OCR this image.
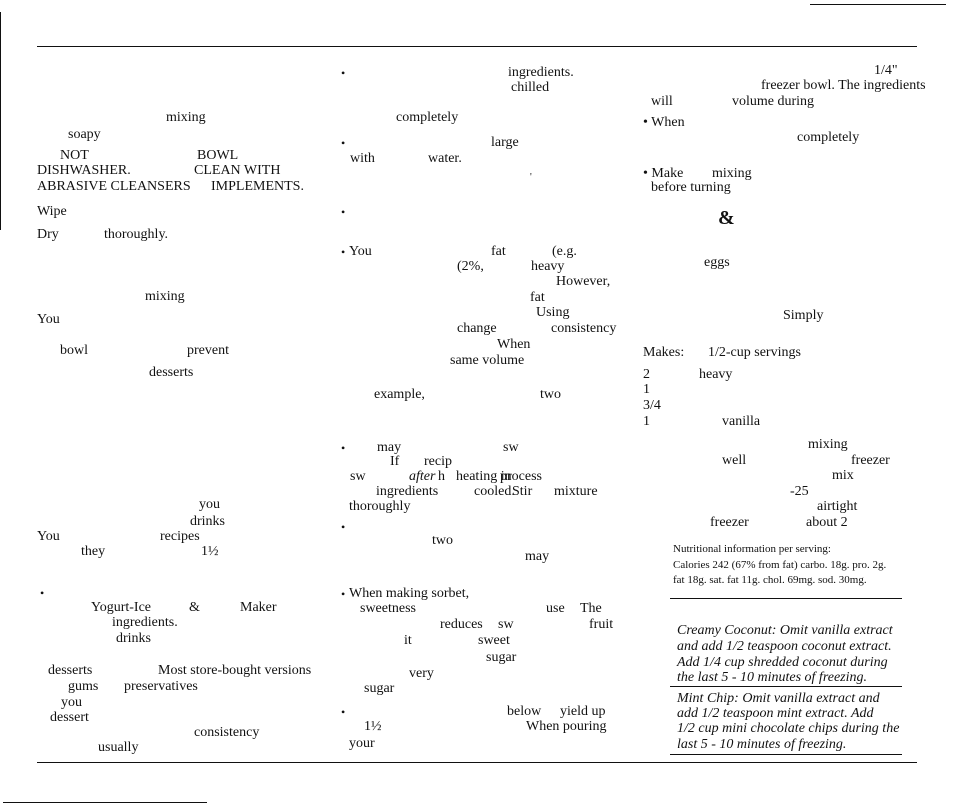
mixing
soapy
NOT	BOWL
DISHWASHER.	CLEAN WITH
ABRASIVE CLEANSERS IMPLEMENTS.
Wipe
Dry	thoroughly.
mixing
You
bowl	prevent
desserts
you
drinks
You	recipes
they	1½
•
Yogurt-Ice	&	Maker
ingredients.
drinks
desserts	Most store-bought versions
gums preservatives
you
dessert
consistency
usually
•	ingredients.
chilled
completely
•	large
with	water.
'
•
• You	fat	(e.g.
(2%,	heavy
However,
fat
Using
change	consistency
When
same volume
example,	two
• may	sw
If recip
sw	after h heating in
process
ingredients	cooled.
Stir mixture
thoroughly
•
two
may
• When making sorbet,
sweetness	use The
reduces sw	fruit
it	sweet
sugar
very
sugar
•	below yield up
1½	When pouring
your
1/4"
freezer bowl. The ingredients
will	volume during
• When
completely
• Make mixing
before turning
&
eggs
Simply
Makes: 1/2-cup servings
2	heavy
1
3/4
1	vanilla
mixing
well	freezer
mix
-25
airtight
freezer	about 2
Nutritional information per serving:
Calories 242 (67% from fat) carbo. 18g. pro. 2g.
fat 18g. sat. fat 11g. chol. 69mg. sod. 30mg.
Creamy Coconut: Omit vanilla extract
and add 1/2 teaspoon coconut extract.
Add 1/4 cup shredded coconut during
the last 5 - 10 minutes of freezing.
Mint Chip: Omit vanilla extract and
add 1/2 teaspoon mint extract. Add
1/2 cup mini chocolate chips during the
last 5 - 10 minutes of freezing.
